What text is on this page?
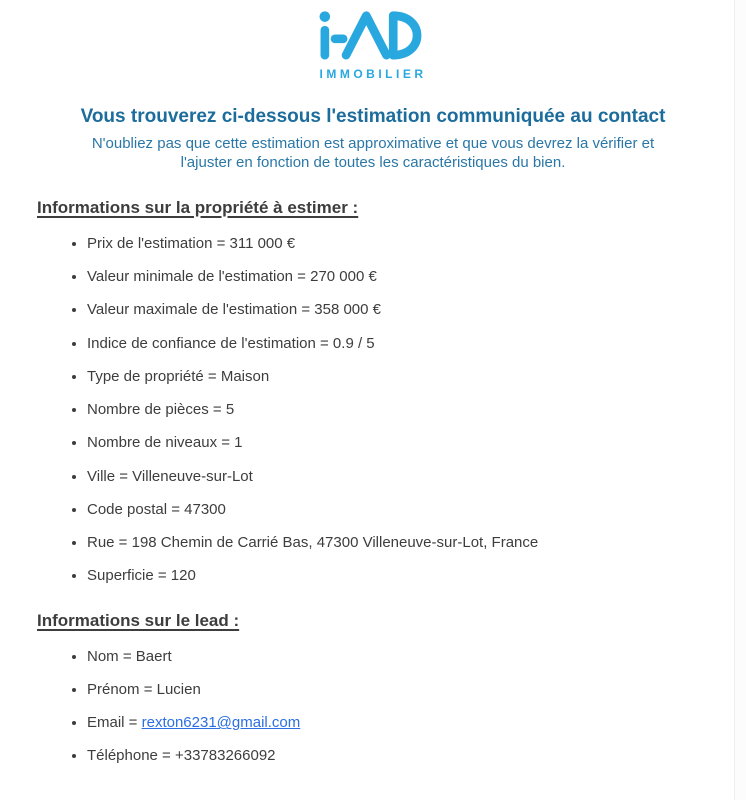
IMMOBILIER
Vous trouverez ci-dessous l'estimation communiquée au contact

N'oubliez pas que cette estimation est approximative et que vous devrez la vérifier et l'ajuster en fonction de toutes les caractéristiques du bien.

Informations sur la propriété à estimer :
• Prix de l'estimation = 311 000 €
• Valeur minimale de l'estimation = 270 000 €
• Valeur maximale de l'estimation = 358 000 €
• Indice de confiance de l'estimation = 0.9 / 5
• Type de propriété = Maison
• Nombre de pièces = 5
• Nombre de niveaux = 1
• Ville = Villeneuve-sur-Lot
• Code postal = 47300
• Rue = 198 Chemin de Carrié Bas, 47300 Villeneuve-sur-Lot, France
• Superficie = 120
Informations sur le lead :
• Nom = Baert
• Prénom = Lucien
• Email = rexton6231@gmail.com
• Téléphone = +33783266092
